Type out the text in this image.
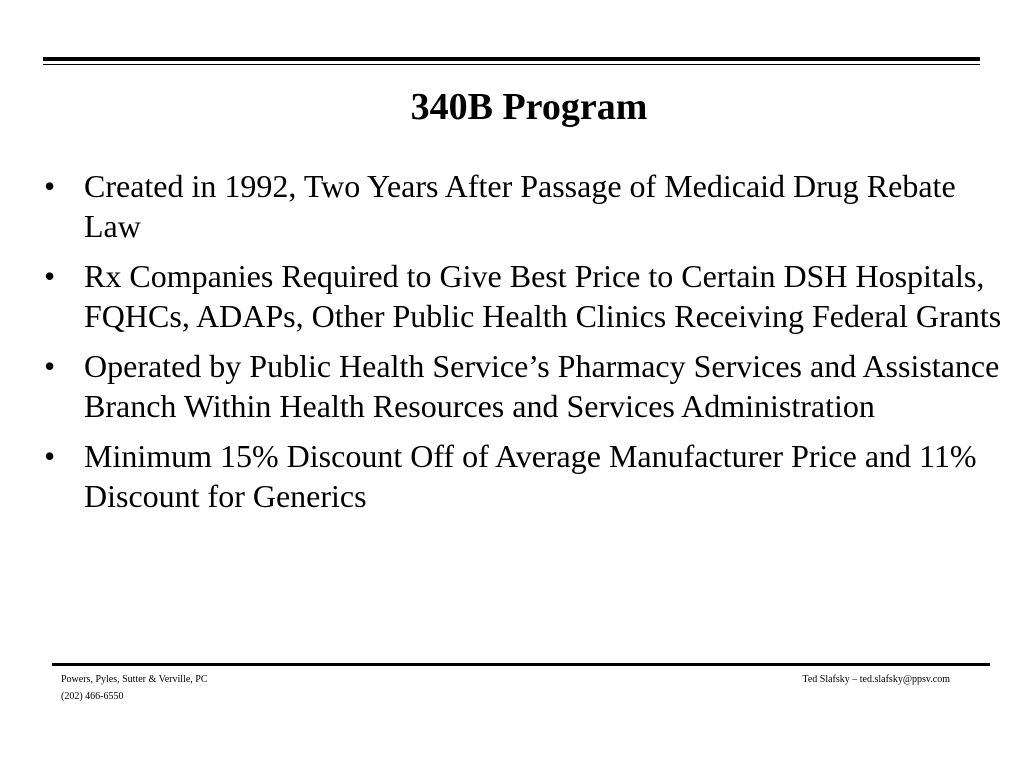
340B Program
• Created in 1992, Two Years After Passage of Medicaid Drug Rebate Law
• Rx Companies Required to Give Best Price to Certain DSH Hospitals, FQHCs, ADAPs, Other Public Health Clinics Receiving Federal Grants
• Operated by Public Health Service’s Pharmacy Services and Assistance Branch Within Health Resources and Services Administration
• Minimum 15% Discount Off of Average Manufacturer Price and 11% Discount for Generics

Powers, Pyles, Sutter & Verville, PC

(202) 466-6550

Ted Slafsky – ted.slafsky@ppsv.com
